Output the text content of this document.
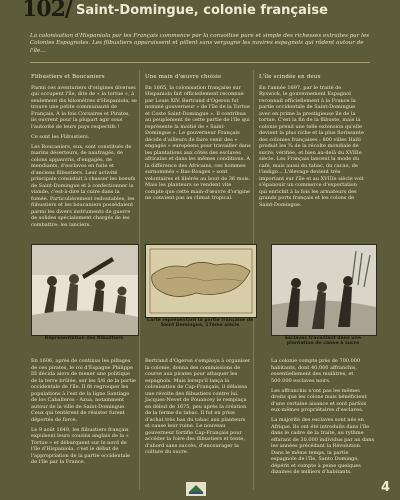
102/ Saint-Domingue, colonie française
La colonisation d'Hispaniola par les Français commence par la convoitise pure et simple des richesses extraites par les Colonies Espagnoles. Les flibustiers apparaissent et pillent sans vergogne les navires espagnols qui rôdent autour de l'île…
Flibustiers et Boucaniers

Parmi ces aventuriers d'origines diverses qui occupent l'île, dite de « la tortue », à seulement dix kilomètres d'Hispaniola, se trouve une petite communauté de Français. À la fois Corsaires et Pirates, ils ouvrent pour la plupart agir sous l'autorité de leurs pays respectifs !

Ce sont les Flibustiers.

Les Boucaniers, eux, sont constitués de marins déserteurs, de naufragés, de colons appauvris, d'engagés, de mendiants, d'esclaves en fuite et d'anciens flibustiers. Leur activité principale consistait à chasser les boeufs de Saint-Domingue et à confectionner la viande, c'est-à-dire la cuire dans la fumée. Particulièrement redoutables, les flibustiers et les boucaniers possédaient parmi les divers instruments de guerre de solides spécialement chargés de les combattre: les lanciers.

Une main d'œuvre choisie

En 1665, la colonisation française sur Hispaniola fait officiellement reconnue par Louis XIV. Bertrand d'Ogeron fut nommé gouverneur « de l'île de la Tortue et Coste Saint-Domingue ». Il contribua au peuplement de cette partie de l'île qui représente la moitié de « Saint-Domingue ». Le gouverneur Français décide d'ailleurs de faire venir des « engagés » européens pour travailler dans les plantations aux côtés des esclaves africains et dans les mêmes conditions. À la différence des Africains, ces hommes surnommés « Bas-Rouges » sont volontaires et libérés au bout de 36 mois. Mais les planteurs se rendent vite compte que cette main-d'œuvre d'origine ne convient pas au climat tropical.

L'île scindée en deux

En l'année 1697, par le traité de Ryswick, le gouvernement Espagnol reconnait officiellement à la France la partie occidentale de Saint-Domingue avec en prime la prestigieuse île de la tortue. C'est la fin de la flibuste, mais la colonie prend une telle extension qu'elle devient la plus riche et la plus florissante des colonies françaises : 800 villes Haïti produit les ¾ de la récolte mondiale de sucre, vérifiée, et bien au-delà du XVIIIe siècle. Les Français lancent la mode du café, mais aussi du tabac, du cacao, de l'indigo… L'élevage devient très important sur l'île et au XVIIIe siècle voit s'épanouir un commerce d'exportation qui enrichit à la fois les armateurs des grands ports français et les colons de Saint-Domingue.

Carte représentant la partie française de Saint Domingue, 17ème siècle
Représentation des flibustiers	Esclaves travaillant dans une plantation de canne à sucre

En 1606, après de continus les pillages de ces pirates, le roi d'Espagne Philippe III décida alors de mener une politique de la terre brûlée, sur les 5/6 de la partie occidentale de l'île. Il fit regrouper les populations à l'est de la ligne Santiago de los Caballeros - Azua, notamment autour de la ville de Saint-Domingue. Ceux qui tentèrent de résister furent déportés de force.

Le 9 août 1640, les flibustiers français expulsent leurs cousins anglais de la « Tortue » et débarquent sur le nord de l'île d'Hispaniola, c'est le début de l'appropriation de la partie occidentale de l'île par la France.

Bertrand d'Ogeron s'employa à organiser la colonie, donna des commissions de course aux pirates pour attaquer les espagnols. Mais lorsqu'il lança la colonisation de Cap-Français, il délaissa une révolte des flibustiers contre lui. Jacques-Nevet de Pouancey le remplaça en début de 1675, peu après la création de la ferme du tabac. Il fut en prise d'achat très bas du tabac aux planteurs et cause leur ruine. Le nouveau gouverneur fortifie Cap-Français pour accéder la foire des flibustiers et tente, d'abord sans succès, d'encourager la culture du sucre.

La colonie compte près de 700.000 habitants, dont 40.000 affranchis, essentiellement des mulâtres, et 500.000 esclaves noirs.

Les affranchis n'ont pas les mêmes droits que les colons mais bénéficient d'une certaine aisance et sont parfois eux-mêmes propriétaires d'esclaves.

La majorité des esclaves sont nés en Afrique. Ils ont été introduits dans l'île dans le cadre de la traite, au rythme effarant de 30.000 individus par an dans les années précédant la Révolution. Dans le même temps, la partie espagnole de l'île, Santo Domingo, dépérit et compte à peine quelques dizaines de milliers d'habitants.

4
